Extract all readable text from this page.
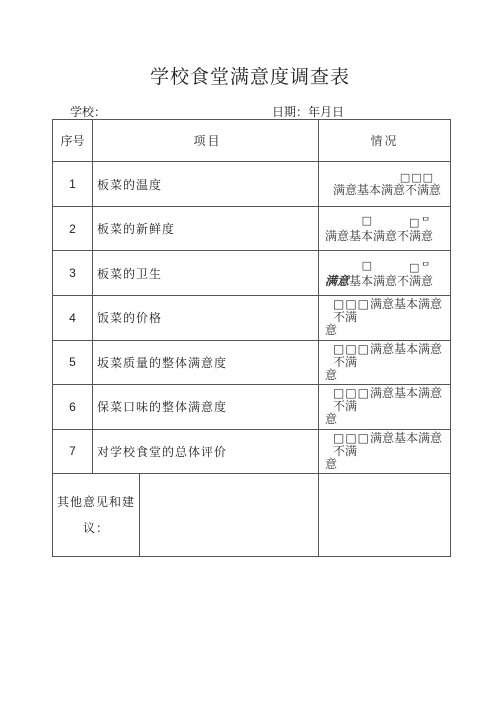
学校食堂满意度调查表
学校：	日期：年月日
序号	项目	情况
1	板菜的温度	□□□
满意基本满意不满意

2	板菜的新鲜度	□ □ᄆ
满意基本满意不满意

3	板菜的卫生	□ □ᄆ
满意基本满意不满意

4	饭菜的价格	□□□满意基本满意不满
意

5	坂菜质量的整体满意度	□□□满意基本满意不满
意

6	保菜口味的整体满意度	□□□满意基本满意不满
意

7	对学校食堂的总体评价	□□□满意基本满意不满
意

其他意见和建
议：		
